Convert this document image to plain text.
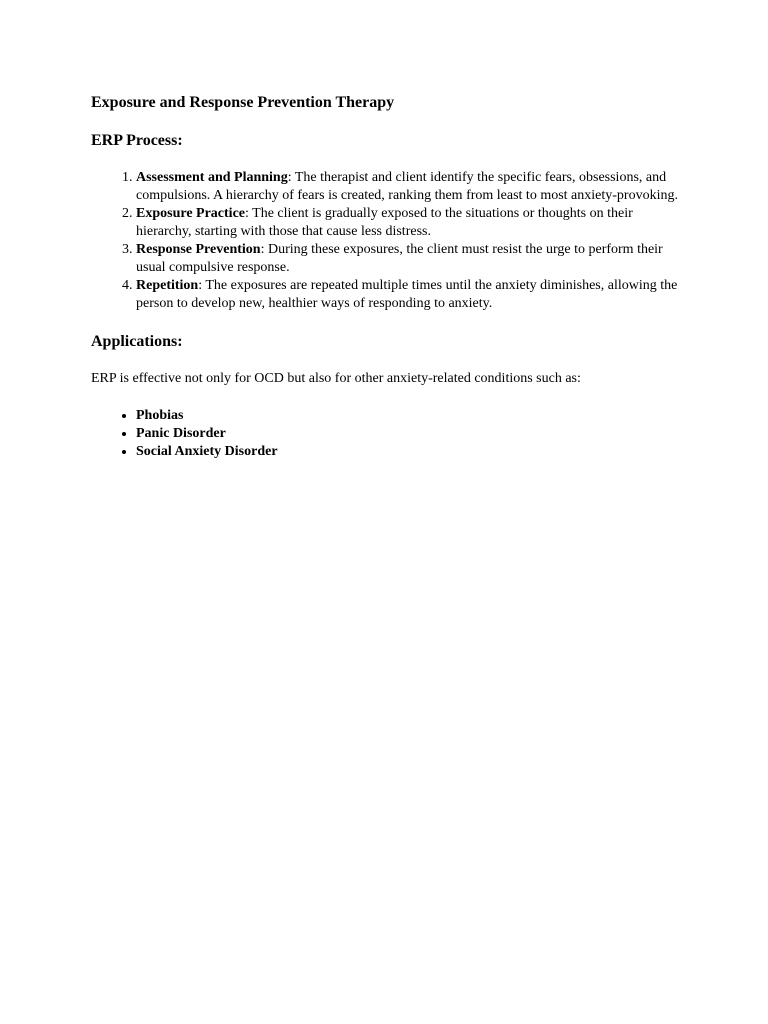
Exposure and Response Prevention Therapy
ERP Process:
1. Assessment and Planning: The therapist and client identify the specific fears, obsessions, and compulsions. A hierarchy of fears is created, ranking them from least to most anxiety-provoking.
2. Exposure Practice: The client is gradually exposed to the situations or thoughts on their hierarchy, starting with those that cause less distress.
3. Response Prevention: During these exposures, the client must resist the urge to perform their usual compulsive response.
4. Repetition: The exposures are repeated multiple times until the anxiety diminishes, allowing the person to develop new, healthier ways of responding to anxiety.
Applications:

ERP is effective not only for OCD but also for other anxiety-related conditions such as:

• Phobias
• Panic Disorder
• Social Anxiety Disorder
